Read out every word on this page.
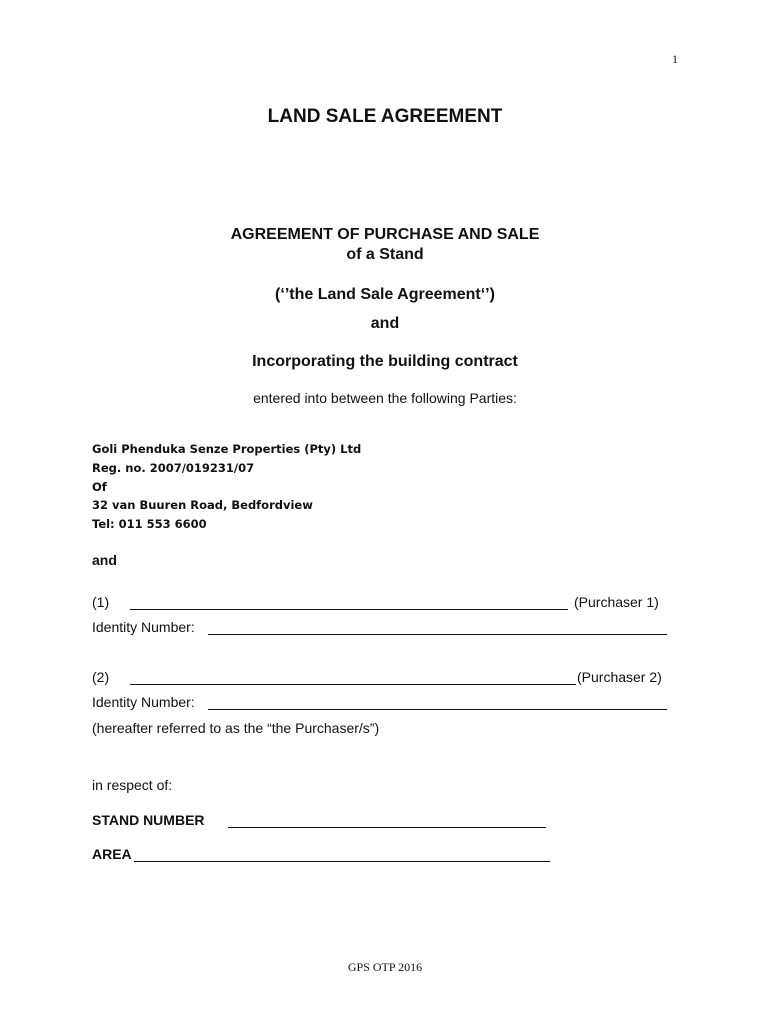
1
LAND SALE AGREEMENT
AGREEMENT OF PURCHASE AND SALE
of a Stand
(‘’the Land Sale Agreement‘’)
and
Incorporating the building contract
entered into between the following Parties:
Goli Phenduka Senze Properties (Pty) Ltd
Reg. no. 2007/019231/07
Of
32 van Buuren Road, Bedfordview
Tel: 011 553 6600
and
(1)	(Purchaser 1)
Identity Number:
(2)	(Purchaser 2)
Identity Number:
(hereafter referred to as the “the Purchaser/s”)
in respect of:
STAND NUMBER
AREA
GPS OTP 2016
